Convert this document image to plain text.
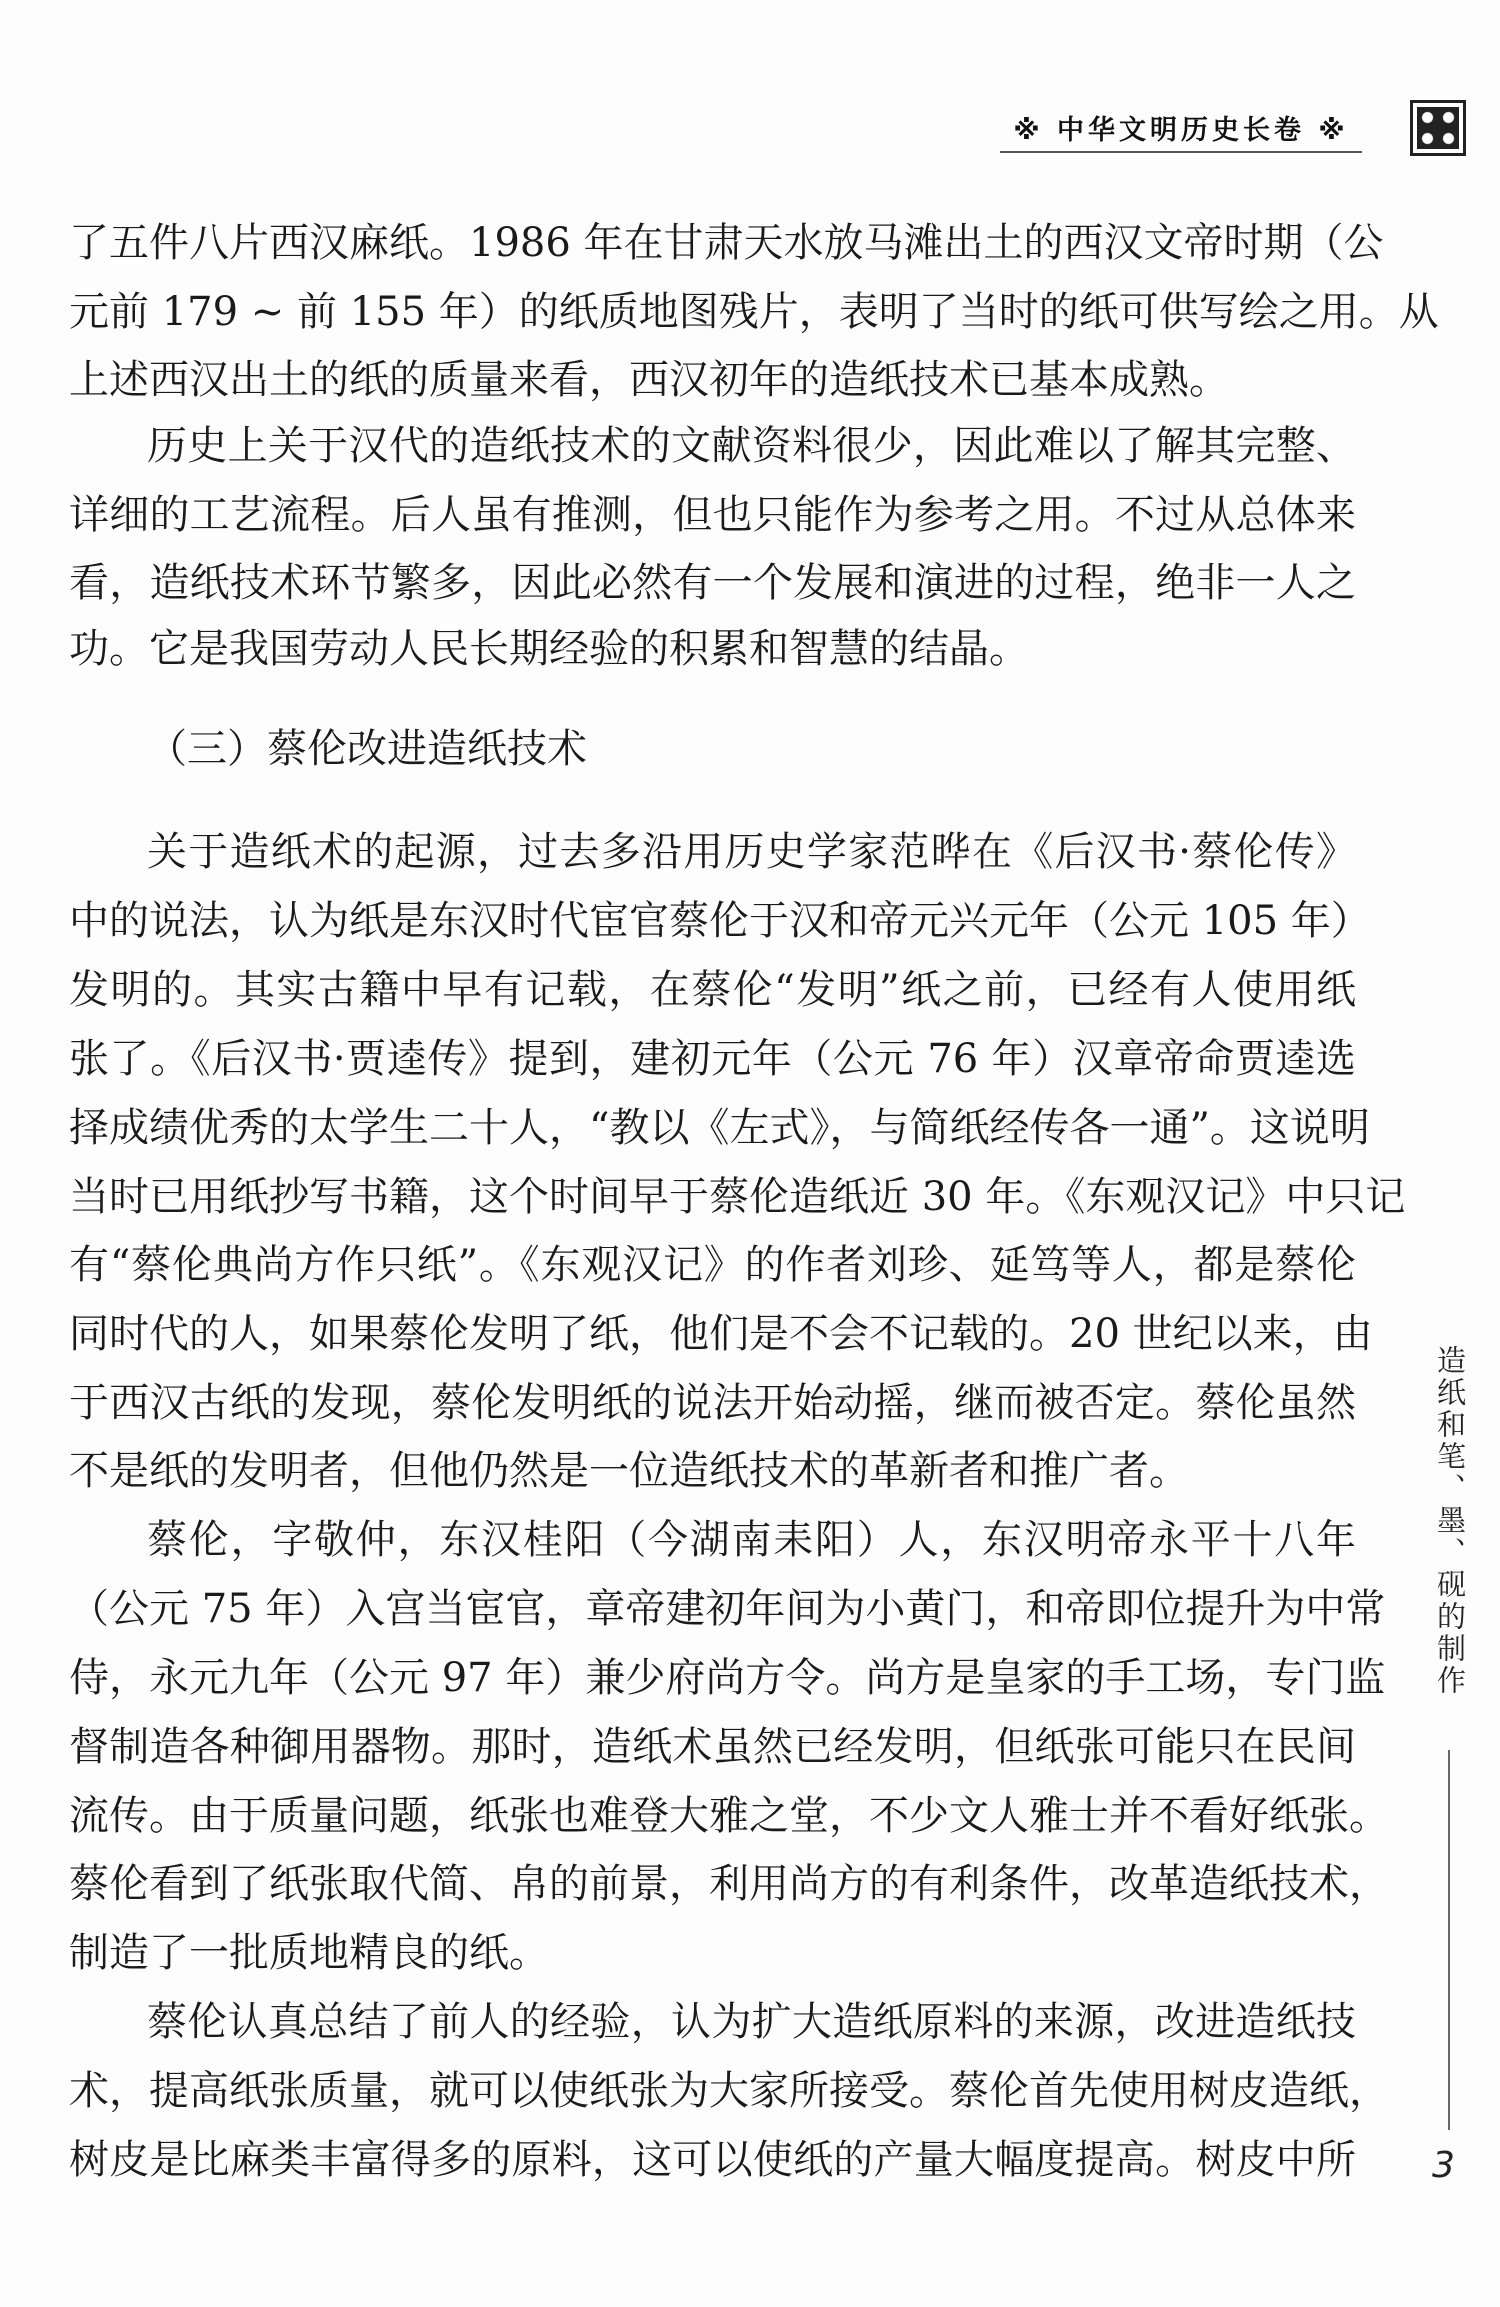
※ 中华文明历史长卷 ※
了五件八片西汉麻纸。1986 年在甘肃天水放马滩出土的西汉文帝时期（公
元前 179 ~ 前 155 年）的纸质地图残片，表明了当时的纸可供写绘之用。从
上述西汉出土的纸的质量来看，西汉初年的造纸技术已基本成熟。
历史上关于汉代的造纸技术的文献资料很少，因此难以了解其完整、
详细的工艺流程。后人虽有推测，但也只能作为参考之用。不过从总体来
看，造纸技术环节繁多，因此必然有一个发展和演进的过程，绝非一人之
功。它是我国劳动人民长期经验的积累和智慧的结晶。
（三）蔡伦改进造纸技术
关于造纸术的起源，过去多沿用历史学家范晔在《后汉书·蔡伦传》
中的说法，认为纸是东汉时代宦官蔡伦于汉和帝元兴元年（公元 105 年）
发明的。其实古籍中早有记载，在蔡伦“发明”纸之前，已经有人使用纸
张了。《后汉书·贾逵传》提到，建初元年（公元 76 年）汉章帝命贾逵选
择成绩优秀的太学生二十人，“教以《左式》，与简纸经传各一通”。这说明
当时已用纸抄写书籍，这个时间早于蔡伦造纸近 30 年。《东观汉记》中只记
有“蔡伦典尚方作只纸”。《东观汉记》的作者刘珍、延笃等人，都是蔡伦
同时代的人，如果蔡伦发明了纸，他们是不会不记载的。20 世纪以来，由
于西汉古纸的发现，蔡伦发明纸的说法开始动摇，继而被否定。蔡伦虽然
不是纸的发明者，但他仍然是一位造纸技术的革新者和推广者。
蔡伦，字敬仲，东汉桂阳（今湖南耒阳）人，东汉明帝永平十八年
（公元 75 年）入宫当宦官，章帝建初年间为小黄门，和帝即位提升为中常
侍，永元九年（公元 97 年）兼少府尚方令。尚方是皇家的手工场，专门监
督制造各种御用器物。那时，造纸术虽然已经发明，但纸张可能只在民间
流传。由于质量问题，纸张也难登大雅之堂，不少文人雅士并不看好纸张。
蔡伦看到了纸张取代简、帛的前景，利用尚方的有利条件，改革造纸技术，
制造了一批质地精良的纸。
蔡伦认真总结了前人的经验，认为扩大造纸原料的来源，改进造纸技
术，提高纸张质量，就可以使纸张为大家所接受。蔡伦首先使用树皮造纸，
树皮是比麻类丰富得多的原料，这可以使纸的产量大幅度提高。树皮中所
造纸和笔、墨、砚的制作
3
